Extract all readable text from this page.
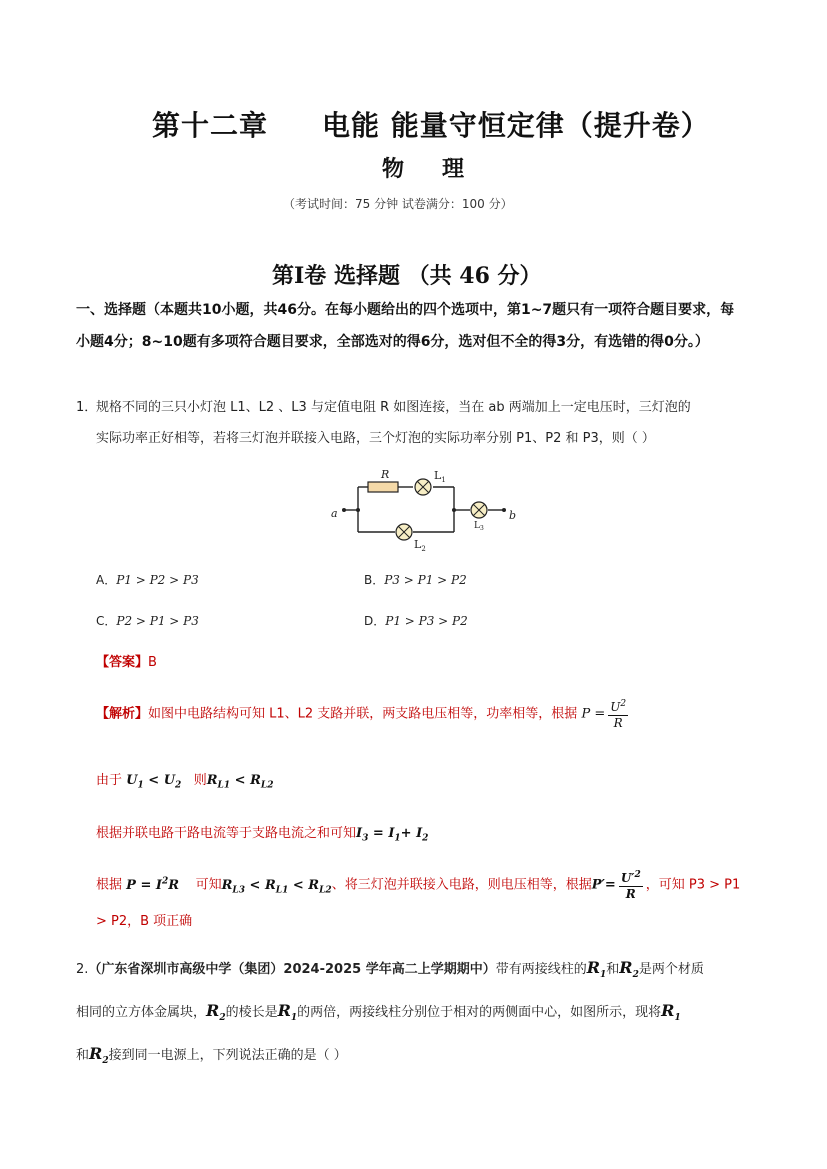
第十二章 电能 能量守恒定律（提升卷）
物理
（考试时间：75 分钟 试卷满分：100 分）
第Ⅰ卷 选择题 （共 46 分）
一、选择题（本题共10小题，共46分。在每小题给出的四个选项中，第1~7题只有一项符合题目要求，每小题4分；8~10题有多项符合题目要求，全部选对的得6分，选对但不全的得3分，有选错的得0分。）
1．
规格不同的三只小灯泡 L1、L2 、L3 与定值电阻 R 如图连接，当在 ab 两端加上一定电压时，三灯泡的
实际功率正好相等，若将三灯泡并联接入电路，三个灯泡的实际功率分别 P1、P2 和 P3，则（ ）
R	$L_1$
$L_2$
$L_3$
a	b
A．P1 > P2 > P3	B．P3 > P1 > P2
C．P2 > P1 > P3	D．P1 > P3 > P2
【答案】B
【解析】如图中电路结构可知 L1、L2 支路并联，两支路电压相等，功率相等，根据 $P = \frac{U^2}{R}$
由于 $U_1 < U_2$ 则$R_{L1} < R_{L2}$
根据并联电路干路电流等于支路电流之和可知$I_3 = I_1+ I_2$
根据 $P = I^2R$ 可知$R_{L3} < R_{L1} < R_{L2}$、将三灯泡并联接入电路，则电压相等，根据$P'= \frac{U'^2}{R}$ ，可知 P3 > P1
> P2，B 项正确
2.（广东省深圳市高级中学（集团）2024-2025 学年高二上学期期中）带有两接线柱的$R_1$和$R_2$是两个材质
相同的立方体金属块，$R_2$的棱长是$R_1$的两倍，两接线柱分别位于相对的两侧面中心，如图所示，现将$R_1$
和$R_2$接到同一电源上，下列说法正确的是（ ）
